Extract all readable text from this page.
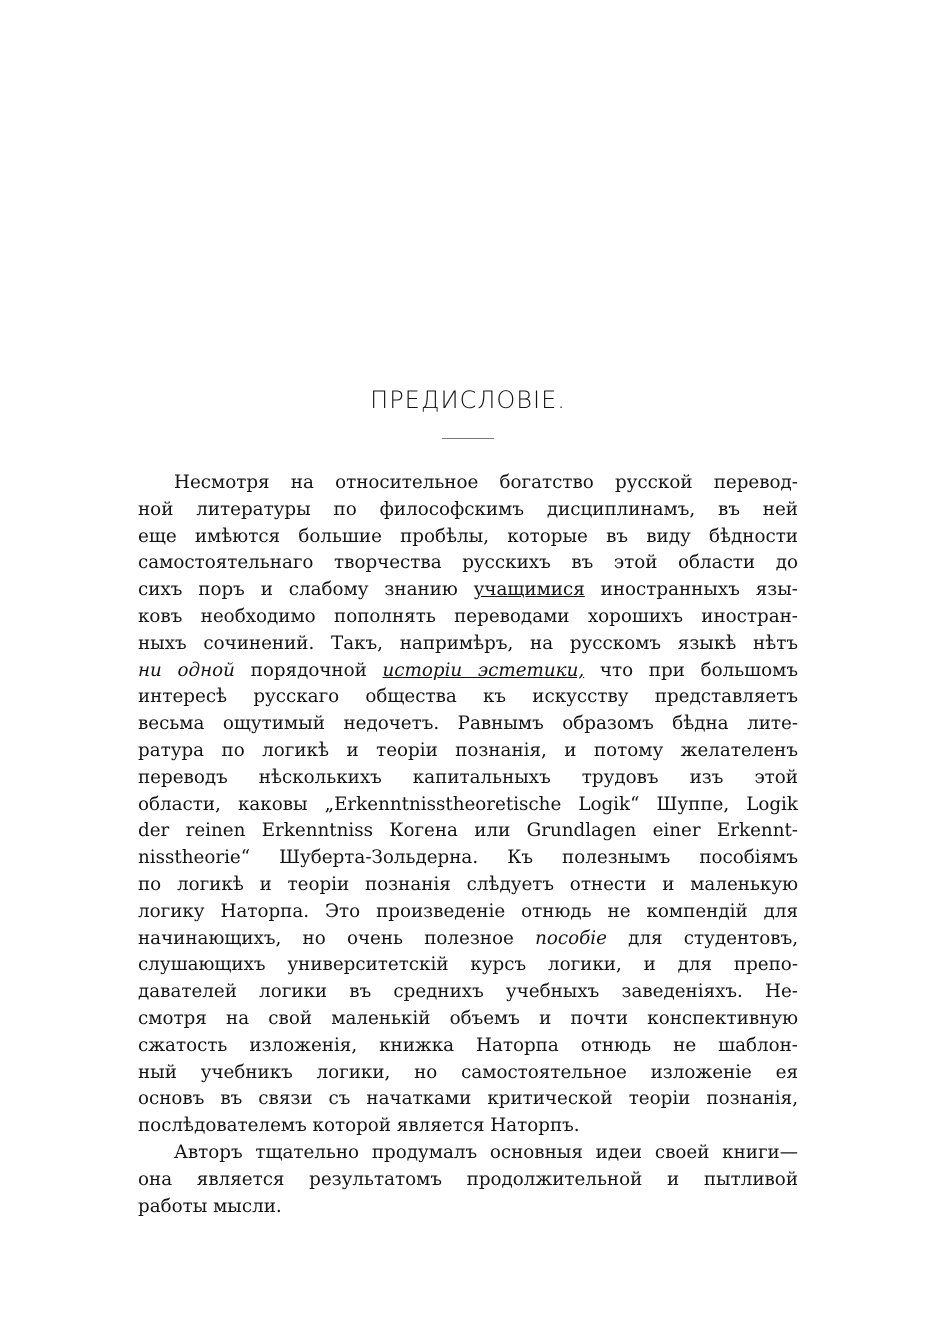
ПРЕДИСЛОВIЕ.
Несмотря на относительное богатство русской перевод-
ной литературы по философскимъ дисциплинамъ, въ ней
еще имѣются большие пробѣлы, которые въ виду бѣдности
самостоятельнаго творчества русскихъ въ этой области до
сихъ поръ и слабому знанию учащимися иностранныхъ язы-
ковъ необходимо пополнять переводами хорошихъ иностран-
ныхъ сочинений. Такъ, напримѣръ, на русскомъ языкѣ нѣтъ
ни одной порядочной исторiи эстетики, что при большомъ
интересѣ русскаго общества къ искусству представляетъ
весьма ощутимый недочетъ. Равнымъ образомъ бѣдна лите-
ратура по логикѣ и теорiи познанiя, и потому желателенъ
переводъ нѣсколькихъ капитальныхъ трудовъ изъ этой
области, каковы „Erkenntnisstheoretische Logik“ Шуппе, Logik
der reinen Erkenntniss Когена или Grundlagen einer Erkennt-
nisstheorie“ Шуберта-Зольдерна. Къ полезнымъ пособiямъ
по логикѣ и теорiи познанiя слѣдуетъ отнести и маленькую
логику Наторпа. Это произведенiе отнюдь не компендiй для
начинающихъ, но очень полезное пособiе для студентовъ,
слушающихъ университетскiй курсъ логики, и для препо-
давателей логики въ среднихъ учебныхъ заведенiяхъ. Не-
смотря на свой маленькiй объемъ и почти конспективную
сжатость изложенiя, книжка Наторпа отнюдь не шаблон-
ный учебникъ логики, но самостоятельное изложенiе ея
основъ въ связи съ начатками критической теорiи познанiя,
послѣдователемъ которой является Наторпъ.
Авторъ тщательно продумалъ основныя идеи своей книги—
она является результатомъ продолжительной и пытливой
работы мысли.
